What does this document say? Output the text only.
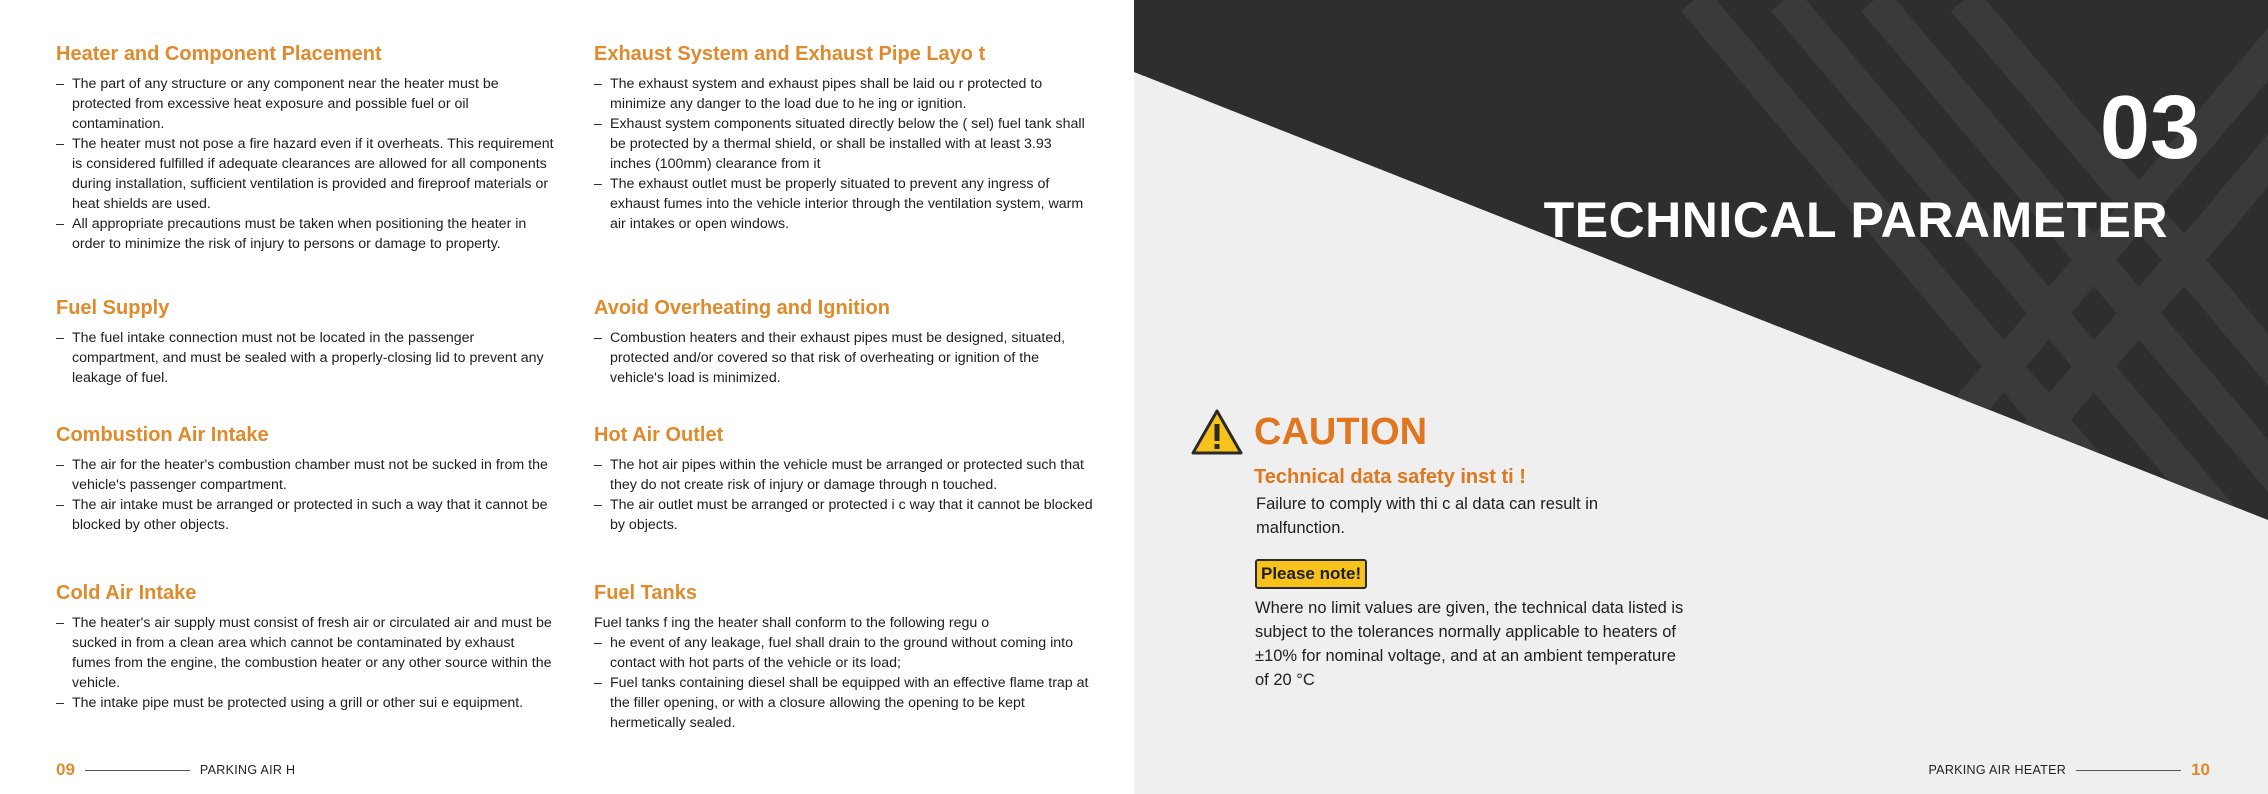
Heater and Component Placement

– The part of any structure or any component near the heater must be protected from excessive heat exposure and possible fuel or oil contamination.

– The heater must not pose a fire hazard even if it overheats. This requirement is considered fulfilled if adequate clearances are allowed for all components during installation, sufficient ventilation is provided and fireproof materials or heat shields are used.

– All appropriate precautions must be taken when positioning the heater in order to minimize the risk of injury to persons or damage to property.

Fuel Supply

– The fuel intake connection must not be located in the passenger compartment, and must be sealed with a properly-closing lid to prevent any leakage of fuel.

Combustion Air Intake

– The air for the heater's combustion chamber must not be sucked in from the vehicle's passenger compartment.

– The air intake must be arranged or protected in such a way that it cannot be blocked by other objects.

Cold Air Intake

– The heater's air supply must consist of fresh air or circulated air and must be sucked in from a clean area which cannot be contaminated by exhaust fumes from the engine, the combustion heater or any other source within the vehicle.

– The intake pipe must be protected using a grill or other sui e equipment.

Exhaust System and Exhaust Pipe Layo t

– The exhaust system and exhaust pipes shall be laid ou r protected to minimize any danger to the load due to he ing or ignition.

– Exhaust system components situated directly below the ( sel) fuel tank shall be protected by a thermal shield, or shall be installed with at least 3.93 inches (100mm) clearance from it

– The exhaust outlet must be properly situated to prevent any ingress of exhaust fumes into the vehicle interior through the ventilation system, warm air intakes or open windows.

Avoid Overheating and Ignition

– Combustion heaters and their exhaust pipes must be designed, situated, protected and/or covered so that risk of overheating or ignition of the vehicle's load is minimized.

Hot Air Outlet

– The hot air pipes within the vehicle must be arranged or protected such that they do not create risk of injury or damage through n touched.

– The air outlet must be arranged or protected i c way that it cannot be blocked by objects.

Fuel Tanks

Fuel tanks f ing the heater shall conform to the following regu o

– he event of any leakage, fuel shall drain to the ground without coming into contact with hot parts of the vehicle or its load;

– Fuel tanks containing diesel shall be equipped with an effective flame trap at the filler opening, or with a closure allowing the opening to be kept hermetically sealed.

09	PARKING AIR H
03
TECHNICAL PARAMETER
PARKING AIR HEATER	10
CAUTION
Technical data safety inst ti !
Failure to comply with thi c al data can result in malfunction.
Please note!
Where no limit values are given, the technical data listed is subject to the tolerances normally applicable to heaters of ±10% for nominal voltage, and at an ambient temperature of 20 °C
